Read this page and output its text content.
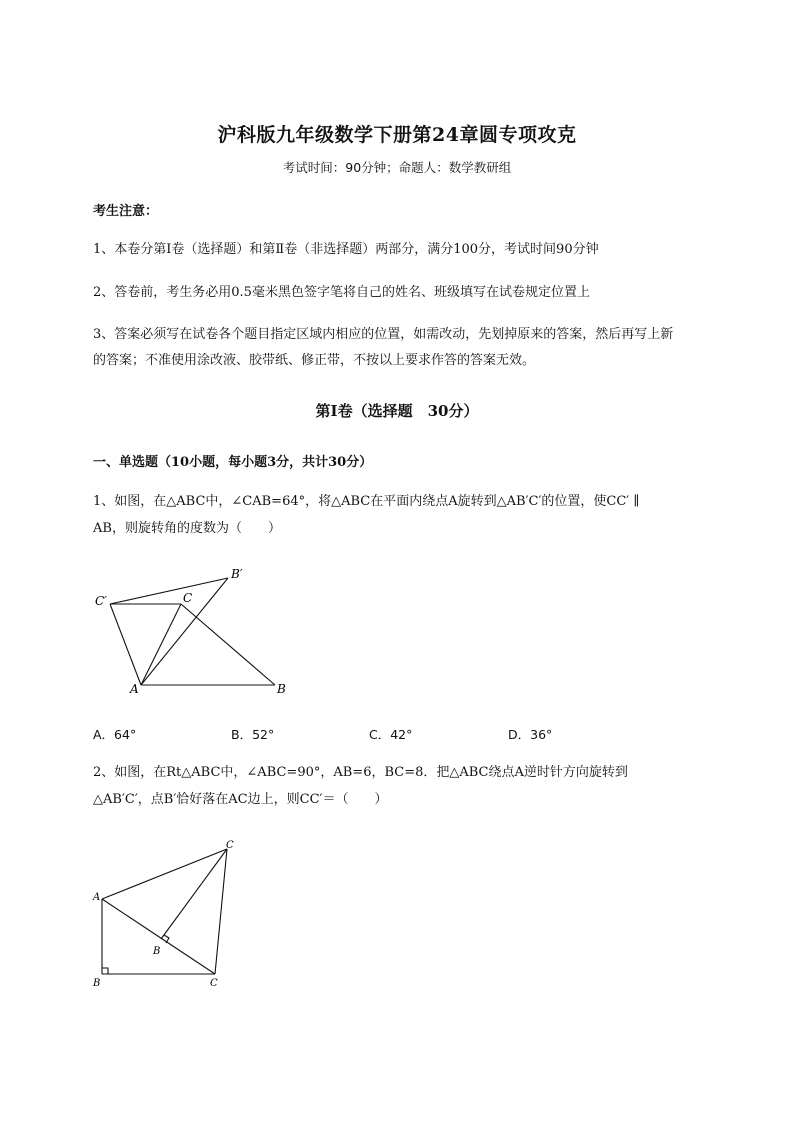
沪科版九年级数学下册第24章圆专项攻克
考试时间：90分钟；命题人：数学教研组
考生注意：
1、本卷分第I卷（选择题）和第Ⅱ卷（非选择题）两部分，满分100分，考试时间90分钟
2、答卷前，考生务必用0.5毫米黑色签字笔将自己的姓名、班级填写在试卷规定位置上
3、答案必须写在试卷各个题目指定区域内相应的位置，如需改动，先划掉原来的答案，然后再写上新
的答案；不准使用涂改液、胶带纸、修正带，不按以上要求作答的答案无效。
第I卷（选择题　30分）
一、单选题（10小题，每小题3分，共计30分）
1、如图，在△ABC中，∠CAB=64°，将△ABC在平面内绕点A旋转到△AB′C′的位置，使CC′ ∥
AB，则旋转角的度数为（　　）
A	B
C
B′
C′
A．64°	B．52°	C．42°	D．36°
2、如图，在Rt△ABC中，∠ABC=90°，AB=6，BC=8．把△ABC绕点A逆时针方向旋转到
△AB′C′，点B′恰好落在AC边上，则CC′＝（　　）
A
B	C
B
C
